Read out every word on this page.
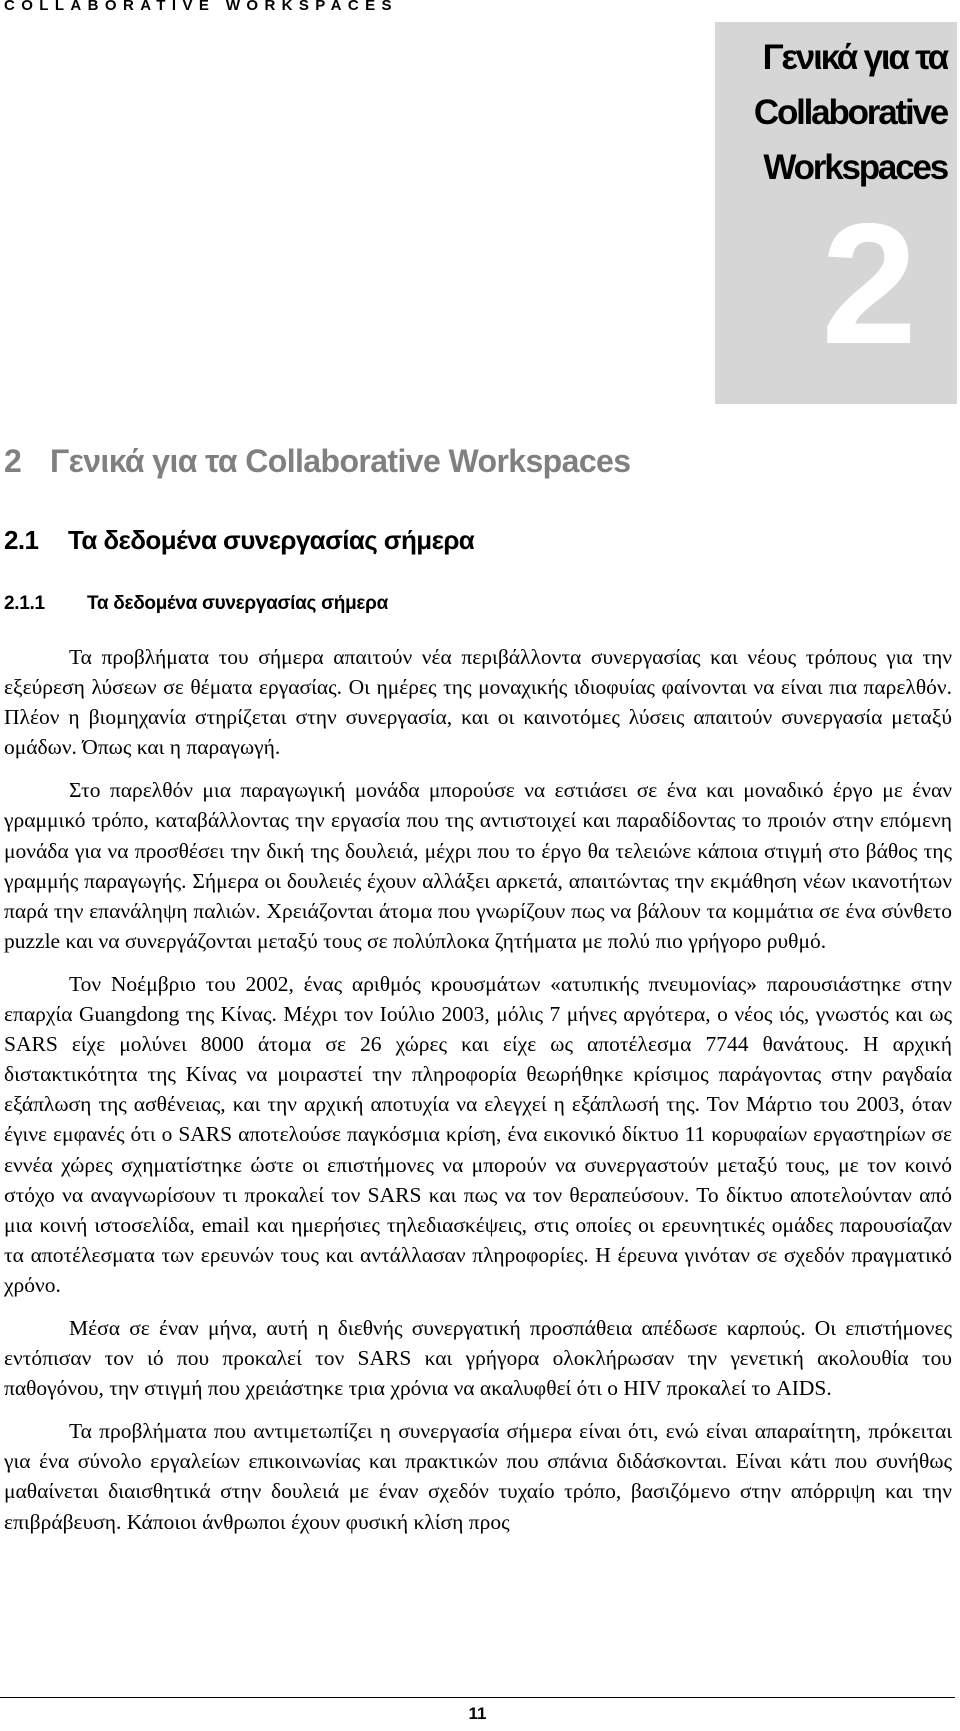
COLLABORATIVE WORKSPACES
Γενικά για τα
Collaborative
Workspaces
2
2 Γενικά για τα Collaborative Workspaces
2.1 Τα δεδομένα συνεργασίας σήμερα
2.1.1 Τα δεδομένα συνεργασίας σήμερα

Τα προβλήματα του σήμερα απαιτούν νέα περιβάλλοντα συνεργασίας και νέους τρόπους για την εξεύρεση λύσεων σε θέματα εργασίας. Οι ημέρες της μοναχικής ιδιοφυίας φαίνονται να είναι πια παρελθόν. Πλέον η βιομηχανία στηρίζεται στην συνεργασία, και οι καινοτόμες λύσεις απαιτούν συνεργασία μεταξύ ομάδων. Όπως και η παραγωγή.

Στο παρελθόν μια παραγωγική μονάδα μπορούσε να εστιάσει σε ένα και μοναδικό έργο με έναν γραμμικό τρόπο, καταβάλλοντας την εργασία που της αντιστοιχεί και παραδίδοντας το προιόν στην επόμενη μονάδα για να προσθέσει την δική της δουλειά, μέχρι που το έργο θα τελειώνε κάποια στιγμή στο βάθος της γραμμής παραγωγής. Σήμερα οι δουλειές έχουν αλλάξει αρκετά, απαιτώντας την εκμάθηση νέων ικανοτήτων παρά την επανάληψη παλιών. Χρειάζονται άτομα που γνωρίζουν πως να βάλουν τα κομμάτια σε ένα σύνθετο puzzle και να συνεργάζονται μεταξύ τους σε πολύπλοκα ζητήματα με πολύ πιο γρήγορο ρυθμό.

Τον Νοέμβριο του 2002, ένας αριθμός κρουσμάτων «ατυπικής πνευμονίας» παρουσιάστηκε στην επαρχία Guangdong της Κίνας. Μέχρι τον Ιούλιο 2003, μόλις 7 μήνες αργότερα, ο νέος ιός, γνωστός και ως SARS είχε μολύνει 8000 άτομα σε 26 χώρες και είχε ως αποτέλεσμα 7744 θανάτους. Η αρχική διστακτικότητα της Κίνας να μοιραστεί την πληροφορία θεωρήθηκε κρίσιμος παράγοντας στην ραγδαία εξάπλωση της ασθένειας, και την αρχική αποτυχία να ελεγχεί η εξάπλωσή της. Τον Μάρτιο του 2003, όταν έγινε εμφανές ότι ο SARS αποτελούσε παγκόσμια κρίση, ένα εικονικό δίκτυο 11 κορυφαίων εργαστηρίων σε εννέα χώρες σχηματίστηκε ώστε οι επιστήμονες να μπορούν να συνεργαστούν μεταξύ τους, με τον κοινό στόχο να αναγνωρίσουν τι προκαλεί τον SARS και πως να τον θεραπεύσουν. Το δίκτυο αποτελούνταν από μια κοινή ιστοσελίδα, email και ημερήσιες τηλεδιασκέψεις, στις οποίες οι ερευνητικές ομάδες παρουσίαζαν τα αποτέλεσματα των ερευνών τους και αντάλλασαν πληροφορίες. Η έρευνα γινόταν σε σχεδόν πραγματικό χρόνο.

Μέσα σε έναν μήνα, αυτή η διεθνής συνεργατική προσπάθεια απέδωσε καρπούς. Οι επιστήμονες εντόπισαν τον ιό που προκαλεί τον SARS και γρήγορα ολοκλήρωσαν την γενετική ακολουθία του παθογόνου, την στιγμή που χρειάστηκε τρια χρόνια να ακαλυφθεί ότι ο HIV προκαλεί το AIDS.

Τα προβλήματα που αντιμετωπίζει η συνεργασία σήμερα είναι ότι, ενώ είναι απαραίτητη, πρόκειται για ένα σύνολο εργαλείων επικοινωνίας και πρακτικών που σπάνια διδάσκονται. Είναι κάτι που συνήθως μαθαίνεται διαισθητικά στην δουλειά με έναν σχεδόν τυχαίο τρόπο, βασιζόμενο στην απόρριψη και την επιβράβευση. Κάποιοι άνθρωποι έχουν φυσική κλίση προς

11
